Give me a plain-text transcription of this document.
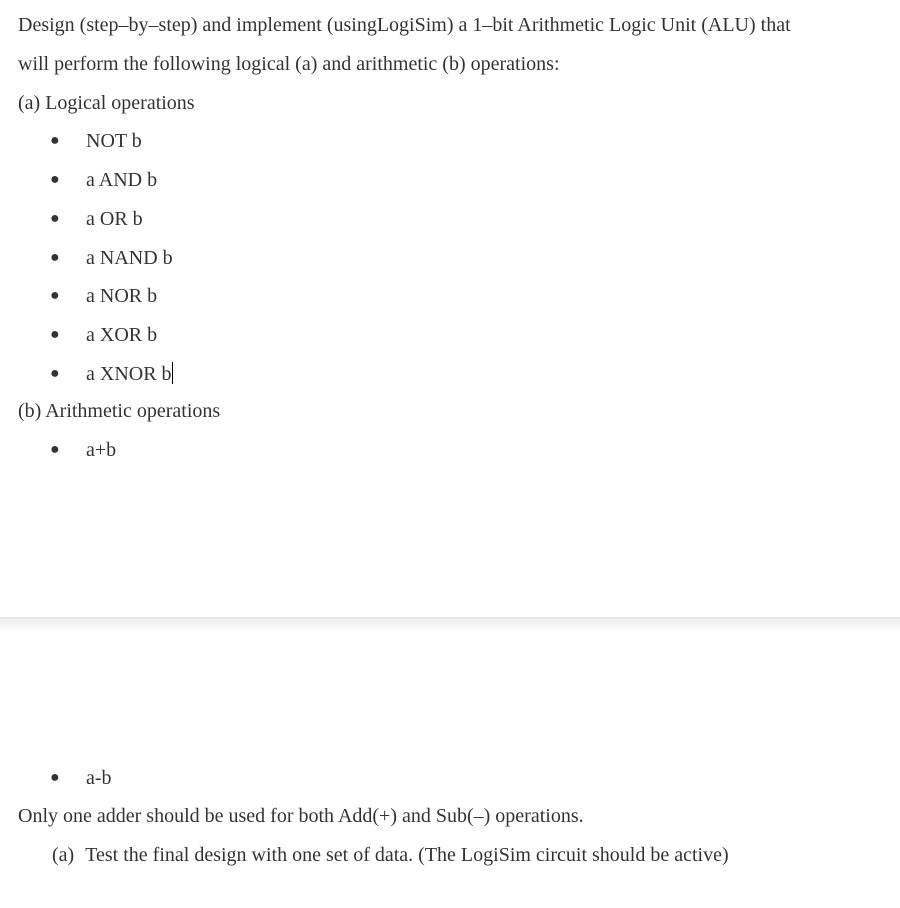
Design (step–by–step) and implement (usingLogiSim) a 1–bit Arithmetic Logic Unit (ALU) that
will perform the following logical (a) and arithmetic (b) operations:
(a) Logical operations
● NOT b
● a AND b
● a OR b
● a NAND b
● a NOR b
● a XOR b
● a XNOR b
(b) Arithmetic operations
● a+b
● a-b
Only one adder should be used for both Add(+) and Sub(–) operations.
(a) Test the final design with one set of data. (The LogiSim circuit should be active)
